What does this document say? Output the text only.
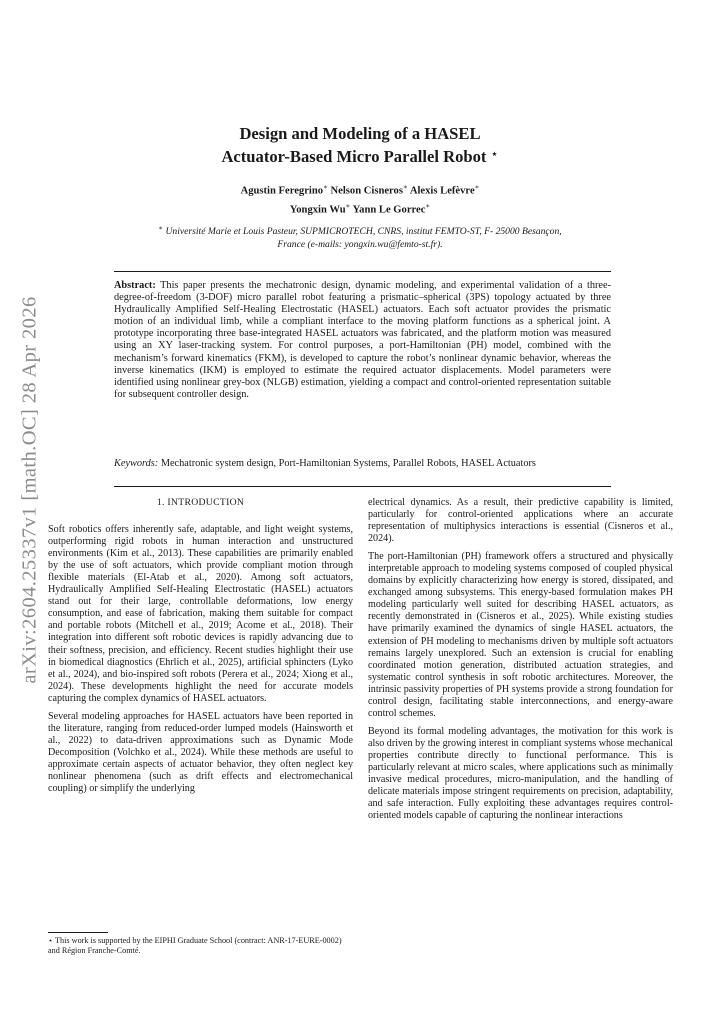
arXiv:2604.25337v1 [math.OC] 28 Apr 2026
Design and Modeling of a HASEL
Actuator-Based Micro Parallel Robot ⋆
Agustin Feregrino∗ Nelson Cisneros∗ Alexis Lefèvre∗
Yongxin Wu∗ Yann Le Gorrec∗
∗ Université Marie et Louis Pasteur, SUPMICROTECH, CNRS, institut FEMTO-ST, F- 25000 Besançon, France (e-mails: yongxin.wu@femto-st.fr).
Abstract: This paper presents the mechatronic design, dynamic modeling, and experimental validation of a three-degree-of-freedom (3-DOF) micro parallel robot featuring a prismatic–spherical (3PS) topology actuated by three Hydraulically Amplified Self-Healing Electrostatic (HASEL) actuators. Each soft actuator provides the prismatic motion of an individual limb, while a compliant interface to the moving platform functions as a spherical joint. A prototype incorporating three base-integrated HASEL actuators was fabricated, and the platform motion was measured using an XY laser-tracking system. For control purposes, a port-Hamiltonian (PH) model, combined with the mechanism’s forward kinematics (FKM), is developed to capture the robot’s nonlinear dynamic behavior, whereas the inverse kinematics (IKM) is employed to estimate the required actuator displacements. Model parameters were identified using nonlinear grey-box (NLGB) estimation, yielding a compact and control-oriented representation suitable for subsequent controller design.
Keywords: Mechatronic system design, Port-Hamiltonian Systems, Parallel Robots, HASEL Actuators
1. INTRODUCTION

Soft robotics offers inherently safe, adaptable, and light weight systems, outperforming rigid robots in human interaction and unstructured environments (Kim et al., 2013). These capabilities are primarily enabled by the use of soft actuators, which provide compliant motion through flexible materials (El-Atab et al., 2020). Among soft actuators, Hydraulically Amplified Self-Healing Electrostatic (HASEL) actuators stand out for their large, controllable deformations, low energy consumption, and ease of fabrication, making them suitable for compact and portable robots (Mitchell et al., 2019; Acome et al., 2018). Their integration into different soft robotic devices is rapidly advancing due to their softness, precision, and efficiency. Recent studies highlight their use in biomedical diagnostics (Ehrlich et al., 2025), artificial sphincters (Lyko et al., 2024), and bio-inspired soft robots (Perera et al., 2024; Xiong et al., 2024). These developments highlight the need for accurate models capturing the complex dynamics of HASEL actuators.

Several modeling approaches for HASEL actuators have been reported in the literature, ranging from reduced-order lumped models (Hainsworth et al., 2022) to data-driven approximations such as Dynamic Mode Decomposition (Volchko et al., 2024). While these methods are useful to approximate certain aspects of actuator behavior, they often neglect key nonlinear phenomena (such as drift effects and electromechanical coupling) or simplify the underlying

electrical dynamics. As a result, their predictive capability is limited, particularly for control-oriented applications where an accurate representation of multiphysics interactions is essential (Cisneros et al., 2024).

The port-Hamiltonian (PH) framework offers a structured and physically interpretable approach to modeling systems composed of coupled physical domains by explicitly characterizing how energy is stored, dissipated, and exchanged among subsystems. This energy-based formulation makes PH modeling particularly well suited for describing HASEL actuators, as recently demonstrated in (Cisneros et al., 2025). While existing studies have primarily examined the dynamics of single HASEL actuators, the extension of PH modeling to mechanisms driven by multiple soft actuators remains largely unexplored. Such an extension is crucial for enabling coordinated motion generation, distributed actuation strategies, and systematic control synthesis in soft robotic architectures. Moreover, the intrinsic passivity properties of PH systems provide a strong foundation for control design, facilitating stable interconnections, and energy-aware control schemes.

Beyond its formal modeling advantages, the motivation for this work is also driven by the growing interest in compliant systems whose mechanical properties contribute directly to functional performance. This is particularly relevant at micro scales, where applications such as minimally invasive medical procedures, micro-manipulation, and the handling of delicate materials impose stringent requirements on precision, adaptability, and safe interaction. Fully exploiting these advantages requires control-oriented models capable of capturing the nonlinear interactions

⋆ This work is supported by the EIPHI Graduate School (contract: ANR-17-EURE-0002) and Région Franche-Comté.
